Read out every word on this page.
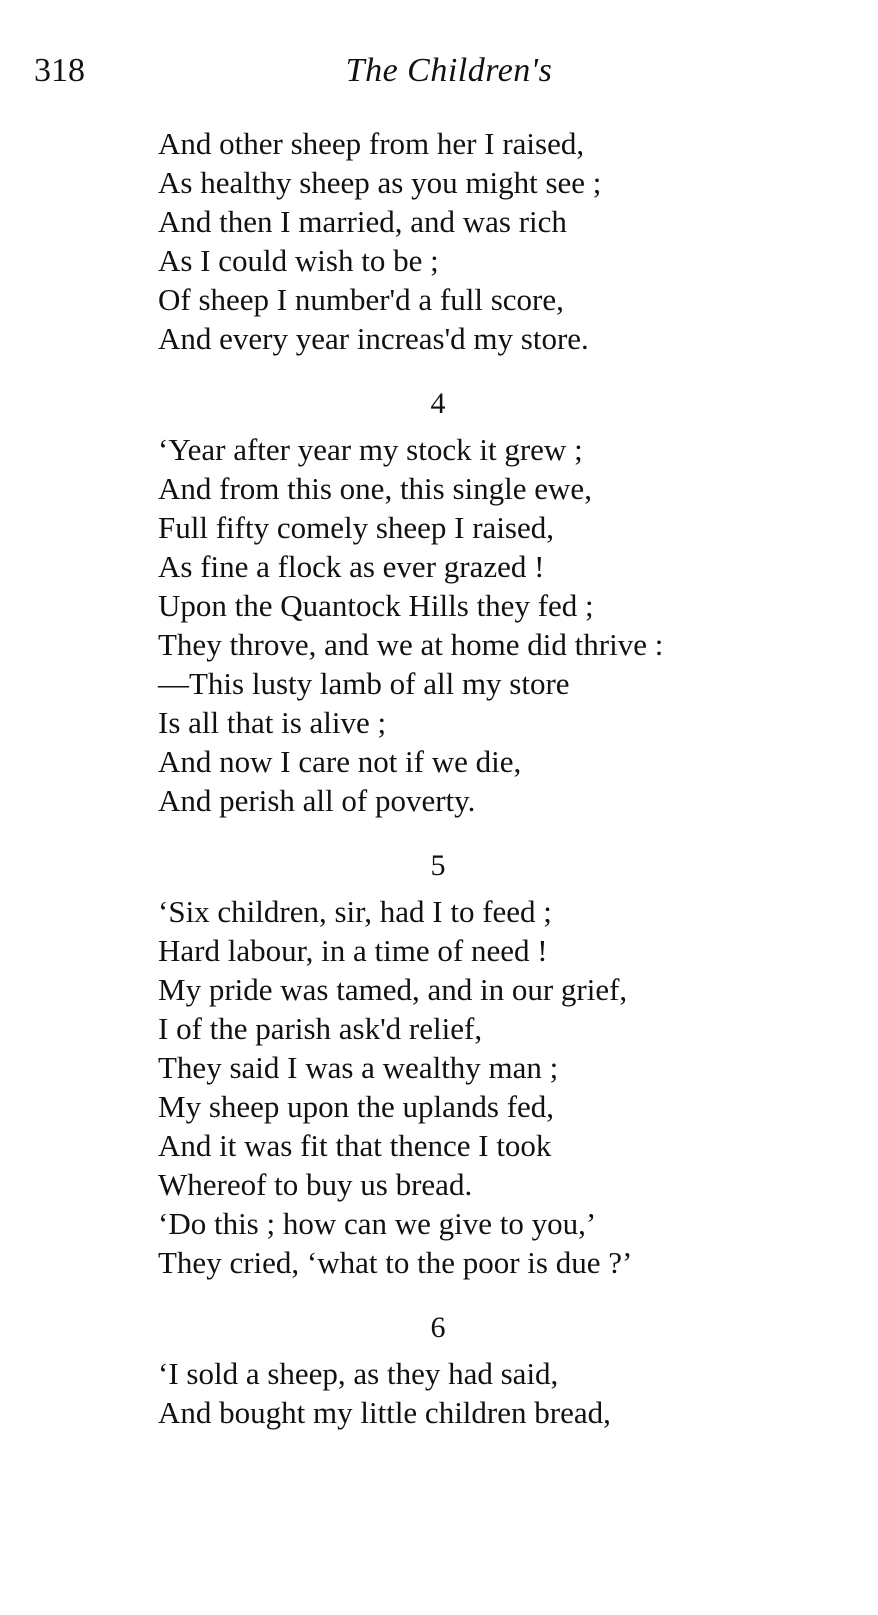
318	The Children's
And other sheep from her I raised,
As healthy sheep as you might see ;
And then I married, and was rich
As I could wish to be ;
Of sheep I number'd a full score,
And every year increas'd my store.
4
‘Year after year my stock it grew ;
And from this one, this single ewe,
Full fifty comely sheep I raised,
As fine a flock as ever grazed !
Upon the Quantock Hills they fed ;
They throve, and we at home did thrive :
—This lusty lamb of all my store
Is all that is alive ;
And now I care not if we die,
And perish all of poverty.
5
‘Six children, sir, had I to feed ;
Hard labour, in a time of need !
My pride was tamed, and in our grief,
I of the parish ask'd relief,
They said I was a wealthy man ;
My sheep upon the uplands fed,
And it was fit that thence I took
Whereof to buy us bread.
‘Do this ; how can we give to you,’
They cried, ‘what to the poor is due ?’
6
‘I sold a sheep, as they had said,
And bought my little children bread,
